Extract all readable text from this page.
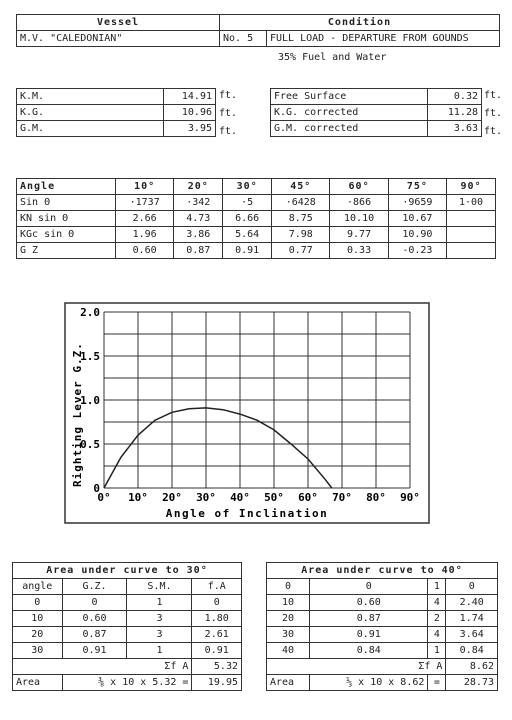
Vessel	Condition	
M.V. "CALEDONIAN"	No. 5	FULL LOAD - DEPARTURE FROM GOUNDS
35% Fuel and Water
K.M.	14.91
K.G.	10.96
G.M.	3.95
ft.
ft.
ft.
Free Surface	0.32
K.G. corrected	11.28
G.M. corrected	3.63
ft.
ft.
ft.
Angle	10°	20°	30°	45°	60°	75°	90°
Sin Θ	·1737	·342	·5	·6428	·866	·9659	1·00
KN sin Θ	2.66	4.73	6.66	8.75	10.10	10.67	
KGc sin Θ	1.96	3.86	5.64	7.98	9.77	10.90	
G Z	0.60	0.87	0.91	0.77	0.33	-0.23	
0° 10° 20° 30° 40° 50° 60° 70° 80° 90°
0
0.5
1.0
1.5
2.0
Righting Lever G.Z.
Angle of Inclination
Area under curve to 30°			
angle	G.Z.	S.M.	f.A
0	0	1	0
10	0.60	3	1.80
20	0.87	3	2.61
30	0.91	1	0.91
Σf A			5.32
Area	⅜ x 10 x 5.32 =		19.95
Area under curve to 40°			
0	0	1	0
10	0.60	4	2.40
20	0.87	2	1.74
30	0.91	4	3.64
40	0.84	1	0.84
Σf A			8.62
Area	⅓ x 10 x 8.62	=	28.73
